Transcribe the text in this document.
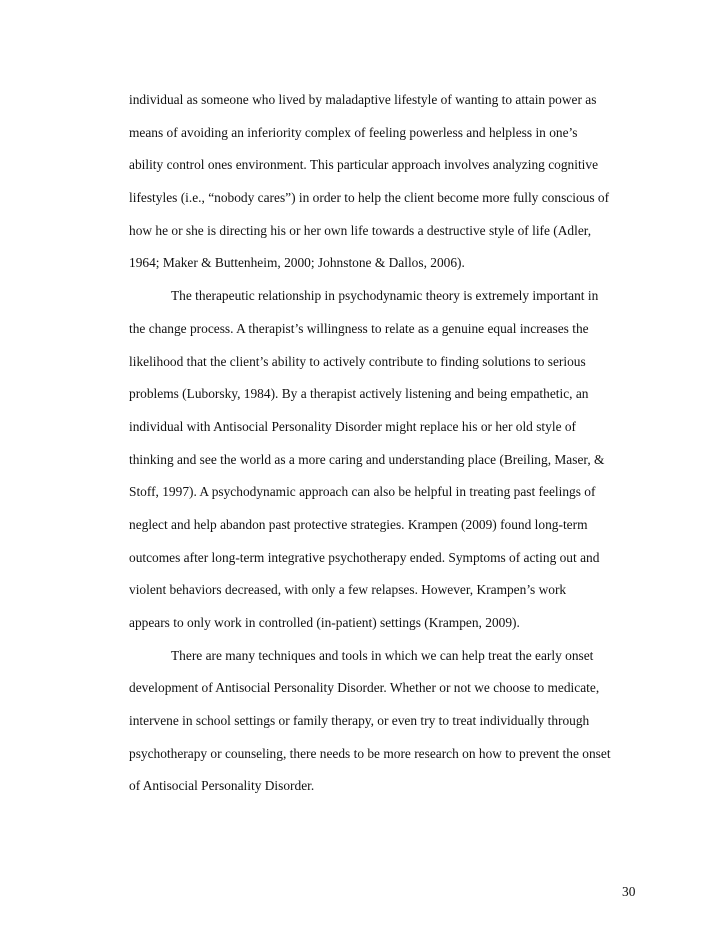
individual as someone who lived by maladaptive lifestyle of wanting to attain power as
means of avoiding an inferiority complex of feeling powerless and helpless in one’s
ability control ones environment. This particular approach involves analyzing cognitive
lifestyles (i.e., “nobody cares”) in order to help the client become more fully conscious of
how he or she is directing his or her own life towards a destructive style of life (Adler,
1964; Maker & Buttenheim, 2000; Johnstone & Dallos, 2006).
The therapeutic relationship in psychodynamic theory is extremely important in
the change process. A therapist’s willingness to relate as a genuine equal increases the
likelihood that the client’s ability to actively contribute to finding solutions to serious
problems (Luborsky, 1984). By a therapist actively listening and being empathetic, an
individual with Antisocial Personality Disorder might replace his or her old style of
thinking and see the world as a more caring and understanding place (Breiling, Maser, &
Stoff, 1997). A psychodynamic approach can also be helpful in treating past feelings of
neglect and help abandon past protective strategies. Krampen (2009) found long-term
outcomes after long-term integrative psychotherapy ended. Symptoms of acting out and
violent behaviors decreased, with only a few relapses. However, Krampen’s work
appears to only work in controlled (in-patient) settings (Krampen, 2009).
There are many techniques and tools in which we can help treat the early onset
development of Antisocial Personality Disorder. Whether or not we choose to medicate,
intervene in school settings or family therapy, or even try to treat individually through
psychotherapy or counseling, there needs to be more research on how to prevent the onset
of Antisocial Personality Disorder.
30
